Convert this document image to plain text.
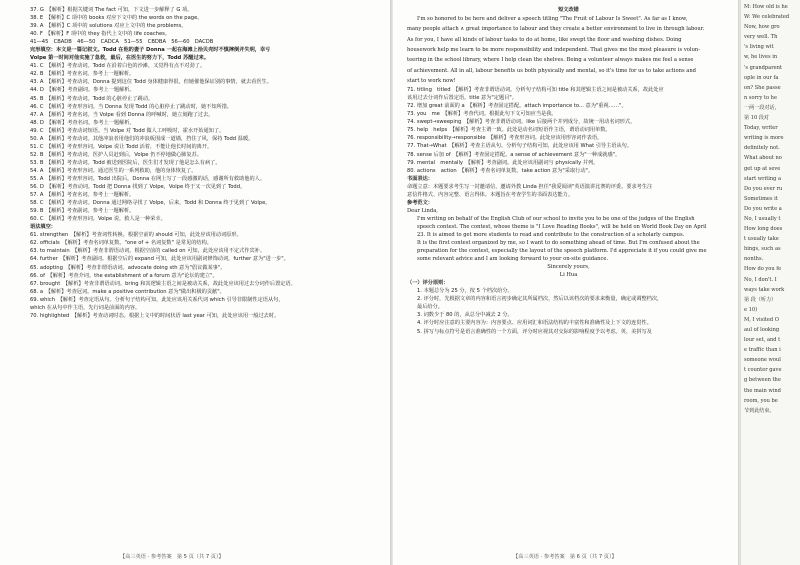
37. G　【解析】根据关键词 The fact 可知，下文进一步解释了 G 项。
38. E　【解析】C 项中的 books 对应下文中的 the words on the page。
39. A　【解析】C 项中的 solutions 对应上文中的 the problems。
40. F　【解析】F 项中的 they 指代上文中的 life coaches。
41—45　CBADB　46—50　CADCA　51—55　CBDBA　56—60　DACDB
完形填空：本文是一篇记叙文。Todd 在他的妻子 Donna 一起在海滩上拾贝壳时不慎摔倒并失明，幸亏
Volpe 第一时间对他实施了急救，最后，在医生的努力下，Todd 苏醒过来。
41. C　【解析】考查动词。Todd 在沿着白色的沙滩，又觉得有点不对劲了。
42. B　【解析】考查名词。参考上一题解析。
43. A　【解析】考查动词。Donna 提到这位 Todd 身体健康得很，但她催他保证别的事情，就去看医生。
44. D　【解析】考查副词。参考上一题解析。
45. B　【解析】考查动词。Todd 的心脏停止了跳动。
46. C　【解析】考查形容词。当 Donna 发现 Todd 的心脏停止了跳动时，她不知所措。
47. A　【解析】考查名词。当 Volpe 看到 Donna 的呼喊时，她立刻跑了过去。
48. D　【解析】考查名词。参考上一题解析。
49. C　【解析】考查动词短语。当 Volpe 对 Todd 做人工呼吸时，霍水开始通知了。
50. A　【解析】考查动词。其他冲浪者用他们的冲浪板围成一道墙，挡住了风，保持 Todd 温暖。
51. C　【解析】考查形容词。Volpe 说让 Todd 活着，不能让他长时间的离开。
52. B　【解析】考查动词。医护人员赶到后，Volpe 仍不停地做心肺复苏。
53. B　【解析】考查动词。Todd 被送到医院后，医生们才发现了他是怎么有病了。
54. A　【解析】考查形容词。通过医生的一系列救助，他的身体恢复了。
55. A　【解析】考查形容词。Todd 出院后，Donna 在网上写了一段感激的话，感谢所有救助他的人。
56. D　【解析】考查动词。Todd 把 Donna 找到了 Volpe，Volpe 终于又一次见到了 Todd。
57. A　【解析】考查名词。参考上一题解析。
58. C　【解析】考查动词。Donna 通过网络寻找了 Volpe，后来，Todd 和 Donna 终于见到了 Volpe。
59. B　【解析】考查副词。参考上一题解析。
60. C　【解析】考查形容词。Volpe 说，救人是一种荣幸。
语法填空：
61. strengthen　【解析】考查词性转换。根据空前的 should 可知，此处应该用动词原形。
62. officials　【解析】考查名词单复数。"one of + 名词复数" 是常见的结构。
63. to maintain　【解析】考查非谓语动词。根据空前的 called on 可知，此处应该用不定式作宾补。
64. further　【解析】考查副词。根据空后的 expand 可知，此处应该用副词修饰动词，further 意为"进一步"。
65. adopting　【解析】考查非谓语动词。advocate doing sth 意为"倡议做某事"。
66. of　【解析】考查介词。the establishment of a forum 意为"论坛的建立"。
67. brought　【解析】考查非谓语动词。bring 和其逻辑主语之间是被动关系，故此处应该用过去分词作后置定语。
68. a　【解析】考查冠词。make a positive contribution 意为"做出积极的贡献"。
69. which　【解析】考查定语从句。分析句子结构可知，此处应该用关系代词 which 引导非限制性定语从句，
which 在从句中作主语，先行词是前面的内容。
70. highlighted　【解析】考查动词时态。根据上文中的时间状语 last year 可知，此处应该用一般过去时。
【高三英语 · 参考答案　第 5 页（共 7 页）】
短文改错
I'm so honored to be here and deliver a speech titling "The Fruit of Labour Is Sweet". As far as I know,
many people attach ∧ great importance to labour and they create a better environment to live in through labour.
As for you, I have all kinds of labour tasks to do at home, like swept the floor and washing dishes. Doing
housework help me learn to be more responsibility and independent. That gives me the most pleasure is volun-
teering in the school library, where I help clean the shelves. Being a volunteer always makes me feel a sense
of achievement. All in all, labour benefits us both physically and mental, so it's time for us to take actions and
start to work now!
71. titling　titled　【解析】考查非谓语动词。分析句子结构可知 title 和其逻辑主语之间是被动关系，故此处应
该用过去分词作后置定语。title 意为"定题目"。
72. 增加 great 前面的 a　【解析】考查固定搭配。attach importance to... 意为"重视……"。
73. you　me　【解析】考查代词。根据此句下文可知应当是我。
74. swept→sweeping　【解析】考查非谓语动词。like 后接两个并列成分，故统一用动名词形式。
75. help　helps　【解析】考查主谓一致。此处是动名词短语作主语，谓语动词用单数。
76. responsibility→responsible　【解析】考查形容词。此处应该用形容词作表语。
77. That→What　【解析】考查主语从句。分析句子结构可知，此处应该用 What 引导主语从句。
78. sense 后加 of　【解析】考查固定搭配。a sense of achievement 意为"一种成就感"。
79. mental　mentally　【解析】考查副词。此处应该用副词与 physically 并列。
80. actions　action　【解析】考查名词单复数。take action 意为"采取行动"。
书面表达：
命题立意：本题要求考生写一封邀请信，邀请外教 Linda 担任"我爱阅读"英语演讲比赛的评委。要求考生注
意信件格式、内容完整、语言得体。本题旨在考查学生的书面表达能力。
参考范文：
Dear Linda,
I'm writing on behalf of the English Club of our school to invite you to be one of the judges of the English
speech contest. The contest, whose theme is "I Love Reading Books", will be held on World Book Day on April
23. It is aimed to get more students to read and contribute to the construction of a scholarly campus.
It is the first contest organized by me, so I want to do something ahead of time. But I'm confused about the
preparation for the contest, especially the layout of the speech platform. I'd appreciate it if you could give me
some relevant advice and I am looking forward to your on-site guidance.
Sincerely yours,
Li Hua
（一）评分原则：
1. 本题总分为 25 分，按 5 个档次给分。
2. 评分时，先根据文章的内容和语言初步确定其所属档次，然后以该档次的要求来衡量，确定或调整档次，
最后给分。
3. 词数少于 80 的，从总分中减去 2 分。
4. 评分时应注意的主要内容为：内容要点、应用词汇和语法结构的丰富性和准确性及上下文的连贯性。
5. 拼写与标点符号是语言准确性的一个方面，评分时应视其对交际的影响程度予以考虑。英、美拼写及
【高三英语 · 参考答案　第 6 页（共 7 页）】
M: How old is he
W: We celebrated
Now, how gro
very well. Th
's living wit
w, he lives in
's grandparent
ople in our fa
on? She passe
n sorry to he
一两一段对话，
第 10 段对
Today, writer
writing is more
definitely not.
What about no
get up at seve
start writing a
Do you ever ru
Sometimes it
Do you write a
No, I usually t
How long does
t usually take
hings, such as
nonths.
How do you fe
No, I don't. I
ways take work
第 段（听力）
e 10)
M, I visited O
aul of looking
lour set, and t
e traffic than i
someone woul
t counter gave
g between the
the main wind
room, you be
节到此结束。
